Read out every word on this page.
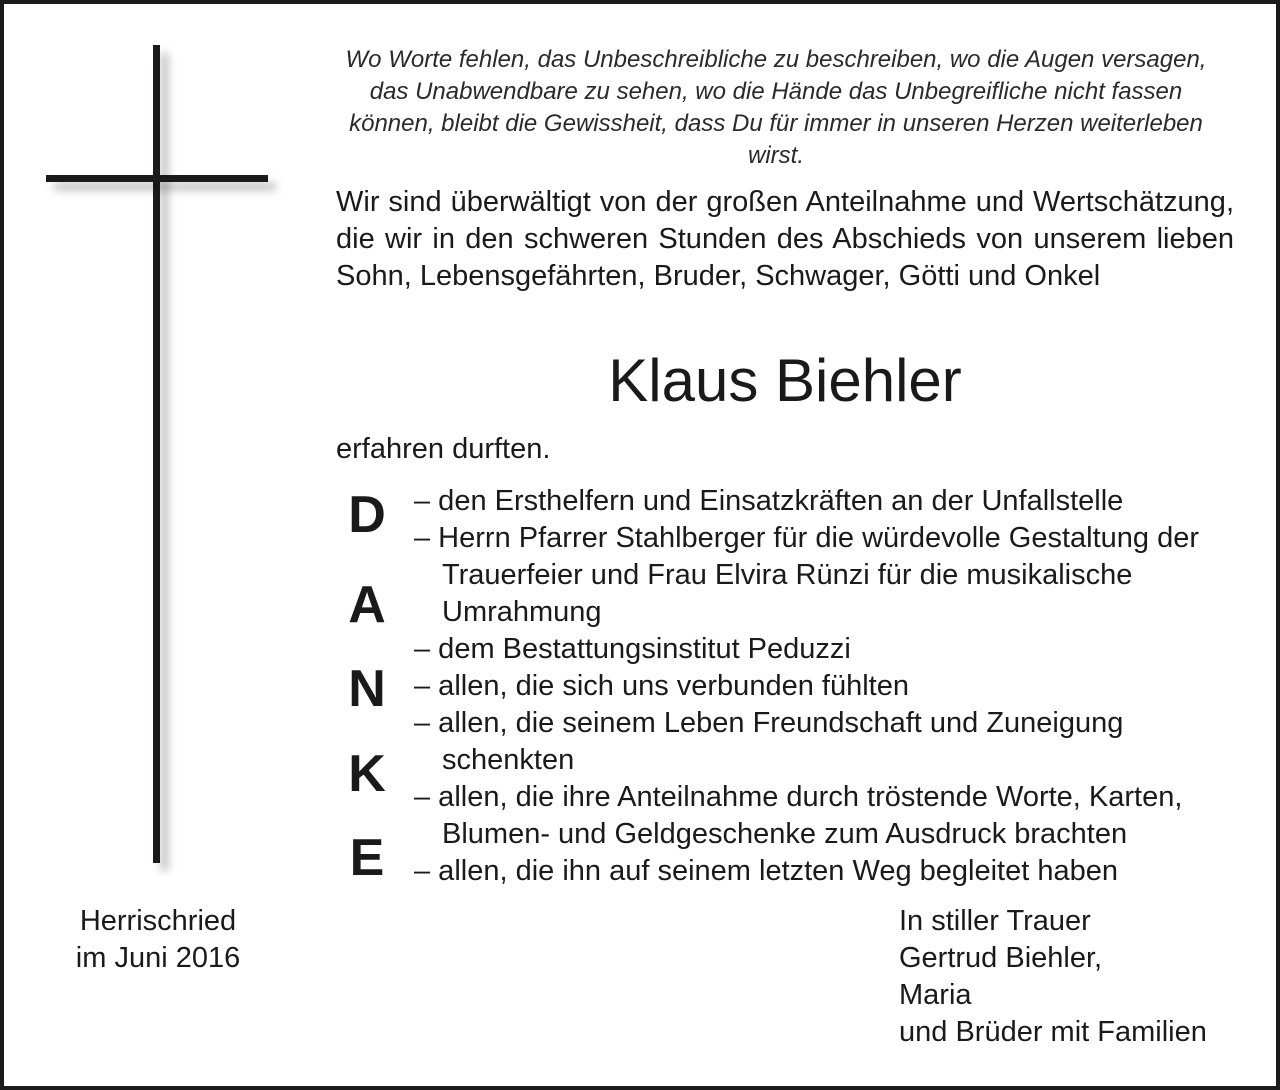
Wo Worte fehlen, das Unbeschreibliche zu beschreiben, wo die Augen versagen, das Unabwendbare zu sehen, wo die Hände das Unbegreifliche nicht fassen können, bleibt die Gewissheit, dass Du für immer in unseren Herzen weiterleben wirst.
Wir sind überwältigt von der großen Anteilnahme und Wertschätzung, die wir in den schweren Stunden des Abschieds von unserem lieben Sohn, Lebensgefährten, Bruder, Schwager, Götti und Onkel
Klaus Biehler
erfahren durften.
D
A
N
K
E
– den Ersthelfern und Einsatzkräften an der Unfallstelle
– Herrn Pfarrer Stahlberger für die würdevolle Gestaltung der Trauerfeier und Frau Elvira Rünzi für die musikalische Umrahmung
– dem Bestattungsinstitut Peduzzi
– allen, die sich uns verbunden fühlten
– allen, die seinem Leben Freundschaft und Zuneigung schenkten
– allen, die ihre Anteilnahme durch tröstende Worte, Karten, Blumen- und Geldgeschenke zum Ausdruck brachten
– allen, die ihn auf seinem letzten Weg begleitet haben
Herrischried
im Juni 2016
In stiller Trauer
Gertrud Biehler,
Maria
und Brüder mit Familien
